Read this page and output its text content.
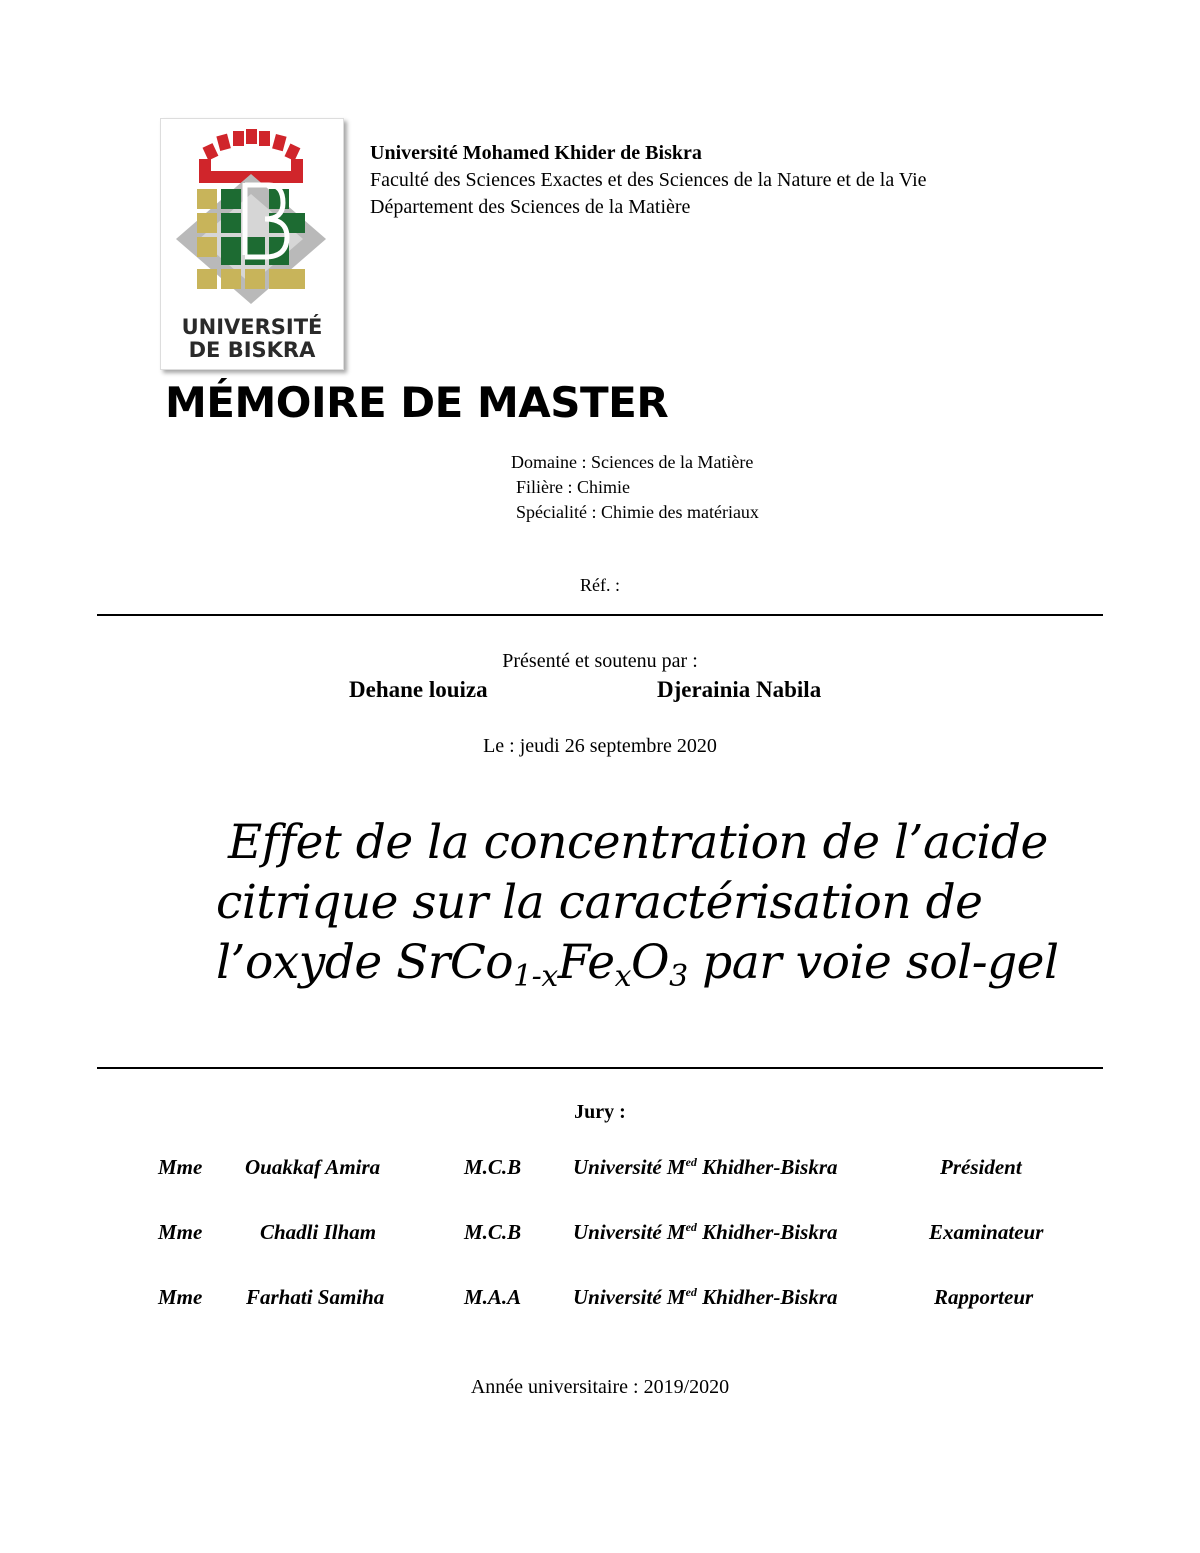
UNIVERSITÉ
DE BISKRA
Université Mohamed Khider de Biskra
Faculté des Sciences Exactes et des Sciences de la Nature et de la Vie
Département des Sciences de la Matière
MÉMOIRE DE MASTER
Domaine : Sciences de la Matière
Filière : Chimie
Spécialité : Chimie des matériaux
Réf. :
Présenté et soutenu par :
Dehane louiza	Djerainia Nabila
Le : jeudi 26 septembre 2020
Effet de la concentration de l’acide
citrique sur la caractérisation de
l’oxyde $SrCo_{1-x}Fe_xO_3$ par voie sol-gel
Jury :
Mme Ouakkaf Amira	M.C.B Université $M^{ed}$ Khidher-Biskra	Président
Mme	Chadli Ilham	M.C.B Université $M^{ed}$ Khidher-Biskra	Examinateur
Mme Farhati Samiha	M.A.A Université $M^{ed}$ Khidher-Biskra	Rapporteur
Année universitaire : 2019/2020
